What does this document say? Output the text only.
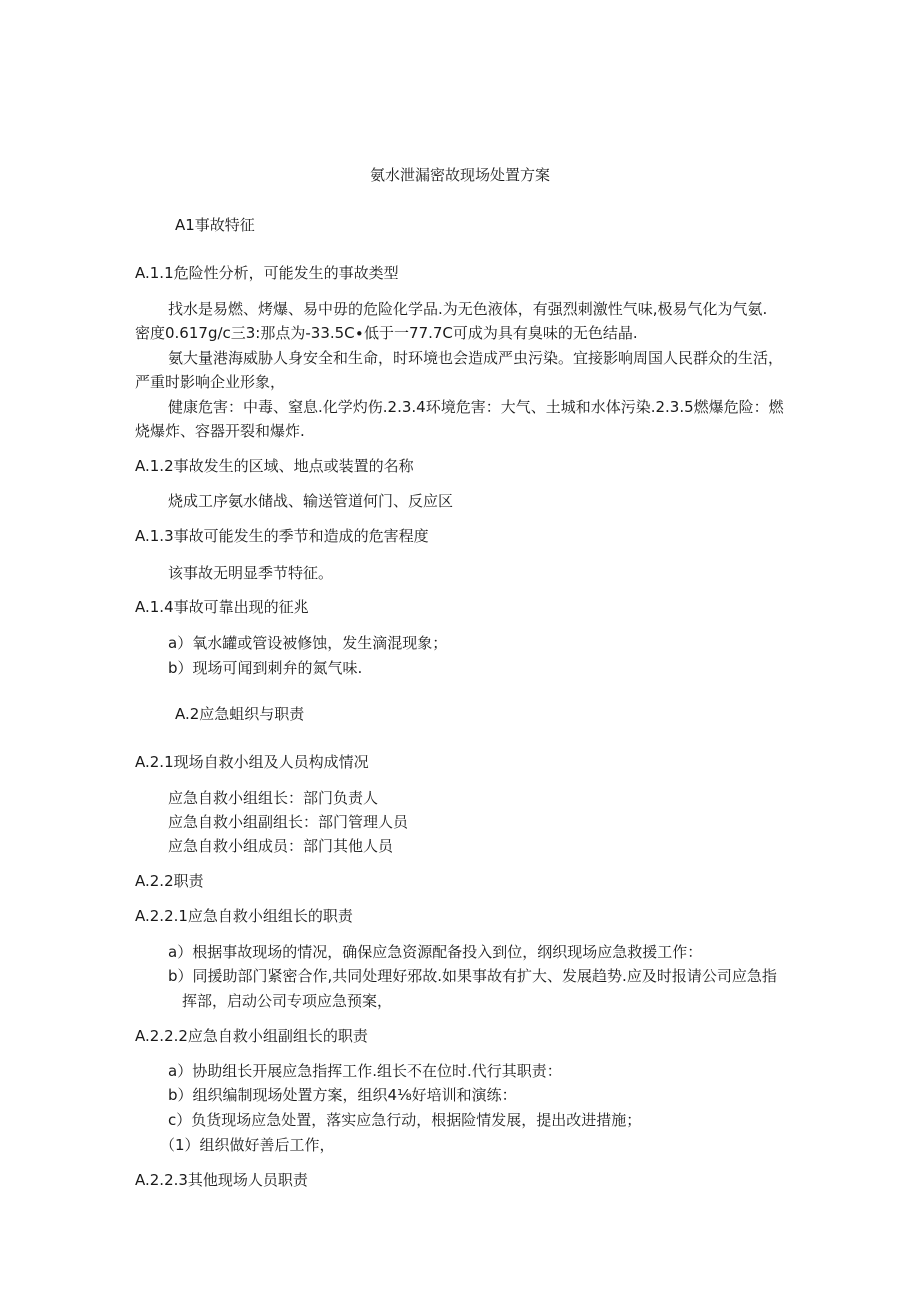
氨水泄漏密故现场处置方案
A1事故特征
A.1.1危险性分析，可能发生的事故类型
找水是易燃、烤爆、易中毋的危险化学品.为无色液体，有强烈刺激性气味,极易气化为气氨.
密度0.617g∕c三3:那点为-33.5C∙低于一77.7C可成为具有臭味的无色结晶.
氨大量港海威胁人身安全和生命，时环境也会造成严虫污染。宜接影响周国人民群众的生活，
严重时影响企业形象，
健康危害：中毒、窒息.化学灼伤.2.3.4环境危害：大气、土城和水体污染.2.3.5燃爆危险：燃
烧爆炸、容器开裂和爆炸.
A.1.2事故发生的区域、地点或装置的名称
烧成工序氨水储战、输送管道何门、反应区
A.1.3事故可能发生的季节和造成的危害程度
该事故无明显季节特征。
A.1.4事故可靠出现的征兆
a）氧水罐或管设被修蚀，发生滴混现象；
b）现场可闻到刺弁的氮气味.
A.2应急蛆织与职责
A.2.1现场自救小组及人员构成情况
应急自救小组组长：部门负责人
应急自救小组副组长：部门管理人员
应急自救小组成员：部门其他人员
A.2.2职责
A.2.2.1应急自救小组组长的职责
a）根据事故现场的情况，确保应急资源配备投入到位，纲织现场应急救援工作：
b）同援助部门紧密合作,共同处理好邪故.如果事故有扩大、发展趋势.应及时报请公司应急指
挥部，启动公司专项应急预案，
A.2.2.2应急自救小组副组长的职责
a）协助组长开展应急指挥工作.组长不在位时.代行其职责：
b）组织编制现场处置方案，组织4⅛好培训和演练：
c）负货现场应急处置，落实应急行动，根据险情发展，提出改进措施；
（1）组织做好善后工作，
A.2.2.3其他现场人员职责
